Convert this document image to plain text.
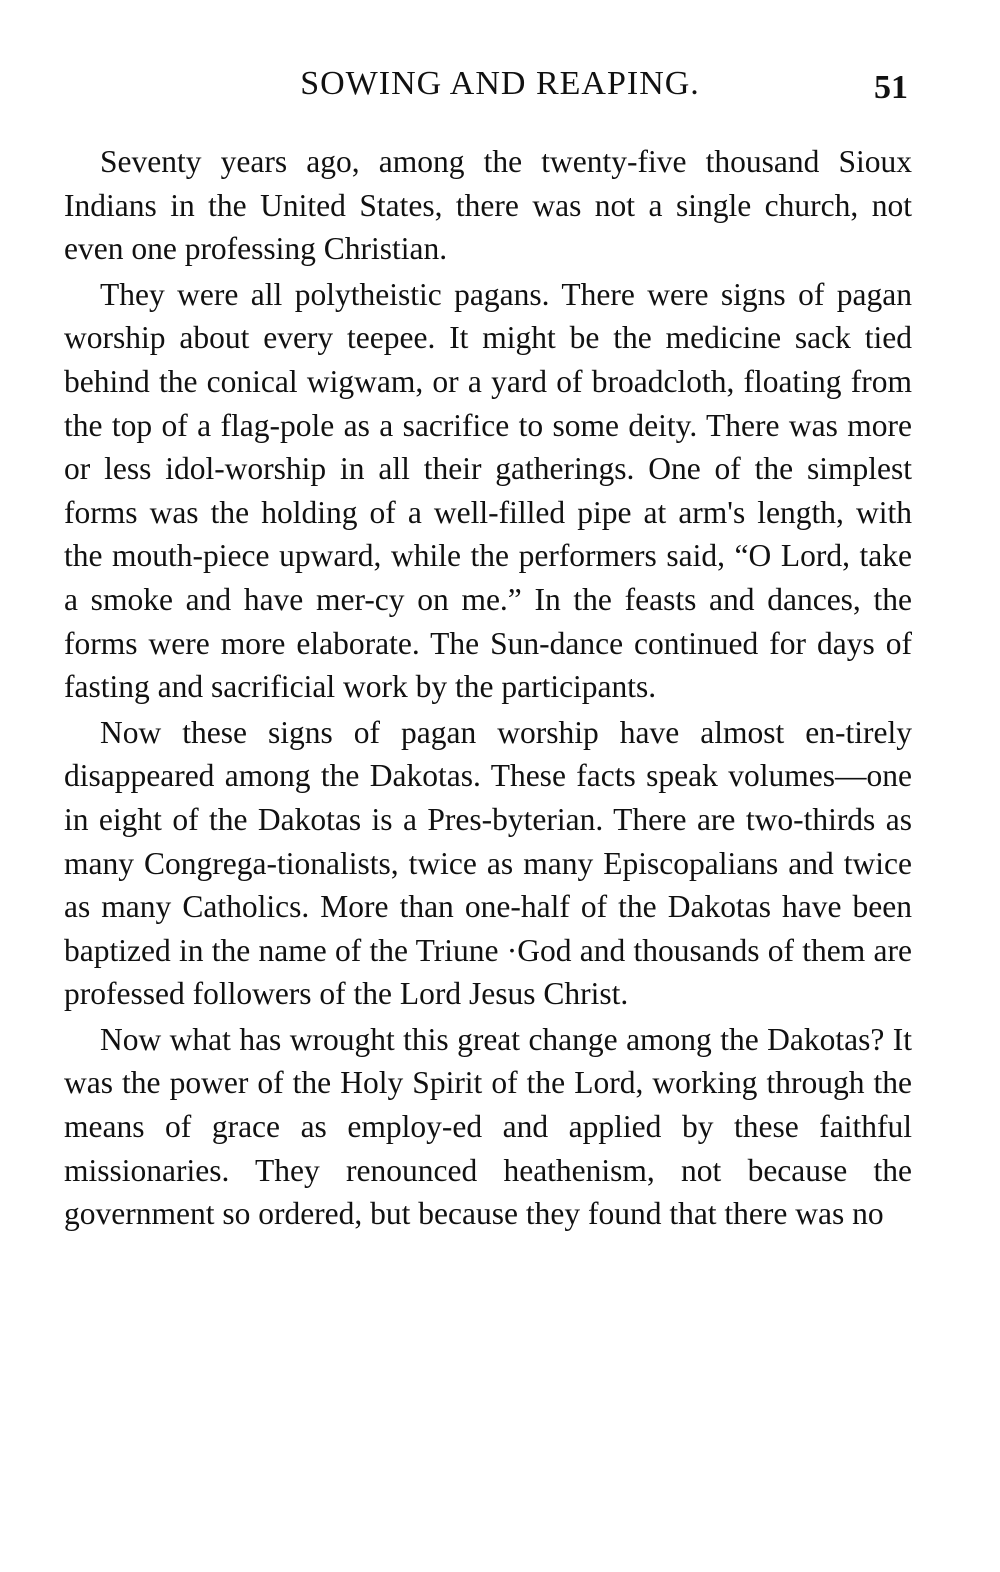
SOWING AND REAPING.	51

Seventy years ago, among the twenty-five thousand Sioux Indians in the United States, there was not a single church, not even one professing Christian.

They were all polytheistic pagans. There were signs of pagan worship about every teepee. It might be the medicine sack tied behind the conical wigwam, or a yard of broadcloth, floating from the top of a flag-pole as a sacrifice to some deity. There was more or less idol-worship in all their gatherings. One of the simplest forms was the holding of a well-filled pipe at arm's length, with the mouth-piece upward, while the performers said, “O Lord, take a smoke and have mer-cy on me.” In the feasts and dances, the forms were more elaborate. The Sun-dance continued for days of fasting and sacrificial work by the participants.

Now these signs of pagan worship have almost en-tirely disappeared among the Dakotas. These facts speak volumes—one in eight of the Dakotas is a Pres-byterian. There are two-thirds as many Congrega-tionalists, twice as many Episcopalians and twice as many Catholics. More than one-half of the Dakotas have been baptized in the name of the Triune ·God and thousands of them are professed followers of the Lord Jesus Christ.

Now what has wrought this great change among the Dakotas? It was the power of the Holy Spirit of the Lord, working through the means of grace as employ-ed and applied by these faithful missionaries. They renounced heathenism, not because the government so ordered, but because they found that there was no
